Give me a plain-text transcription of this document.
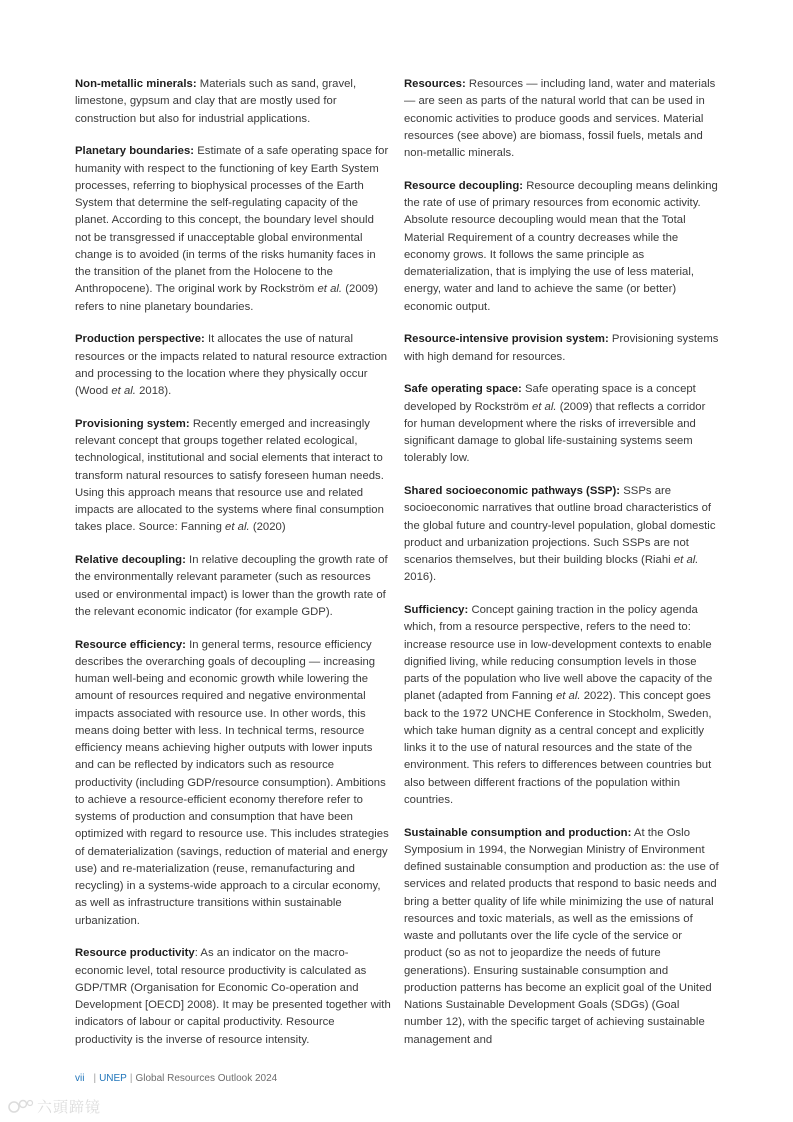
Non-metallic minerals: Materials such as sand, gravel, limestone, gypsum and clay that are mostly used for construction but also for industrial applications.

Planetary boundaries: Estimate of a safe operating space for humanity with respect to the functioning of key Earth System processes, referring to biophysical processes of the Earth System that determine the self-regulating capacity of the planet. According to this concept, the boundary level should not be transgressed if unacceptable global environmental change is to avoided (in terms of the risks humanity faces in the transition of the planet from the Holocene to the Anthropocene). The original work by Rockström et al. (2009) refers to nine planetary boundaries.

Production perspective: It allocates the use of natural resources or the impacts related to natural resource extraction and processing to the location where they physically occur (Wood et al. 2018).

Provisioning system: Recently emerged and increasingly relevant concept that groups together related ecological, technological, institutional and social elements that interact to transform natural resources to satisfy foreseen human needs. Using this approach means that resource use and related impacts are allocated to the systems where final consumption takes place. Source: Fanning et al. (2020)

Relative decoupling: In relative decoupling the growth rate of the environmentally relevant parameter (such as resources used or environmental impact) is lower than the growth rate of the relevant economic indicator (for example GDP).

Resource efficiency: In general terms, resource efficiency describes the overarching goals of decoupling — increasing human well-being and economic growth while lowering the amount of resources required and negative environmental impacts associated with resource use. In other words, this means doing better with less. In technical terms, resource efficiency means achieving higher outputs with lower inputs and can be reflected by indicators such as resource productivity (including GDP/resource consumption). Ambitions to achieve a resource-efficient economy therefore refer to systems of production and consumption that have been optimized with regard to resource use. This includes strategies of dematerialization (savings, reduction of material and energy use) and re-materialization (reuse, remanufacturing and recycling) in a systems-wide approach to a circular economy, as well as infrastructure transitions within sustainable urbanization.

Resource productivity: As an indicator on the macro-economic level, total resource productivity is calculated as GDP/TMR (Organisation for Economic Co-operation and Development [OECD] 2008). It may be presented together with indicators of labour or capital productivity. Resource productivity is the inverse of resource intensity.

Resources: Resources — including land, water and materials — are seen as parts of the natural world that can be used in economic activities to produce goods and services. Material resources (see above) are biomass, fossil fuels, metals and non-metallic minerals.

Resource decoupling: Resource decoupling means delinking the rate of use of primary resources from economic activity. Absolute resource decoupling would mean that the Total Material Requirement of a country decreases while the economy grows. It follows the same principle as dematerialization, that is implying the use of less material, energy, water and land to achieve the same (or better) economic output.

Resource-intensive provision system: Provisioning systems with high demand for resources.

Safe operating space: Safe operating space is a concept developed by Rockström et al. (2009) that reflects a corridor for human development where the risks of irreversible and significant damage to global life-sustaining systems seem tolerably low.

Shared socioeconomic pathways (SSP): SSPs are socioeconomic narratives that outline broad characteristics of the global future and country-level population, global domestic product and urbanization projections. Such SSPs are not scenarios themselves, but their building blocks (Riahi et al. 2016).

Sufficiency: Concept gaining traction in the policy agenda which, from a resource perspective, refers to the need to: increase resource use in low-development contexts to enable dignified living, while reducing consumption levels in those parts of the population who live well above the capacity of the planet (adapted from Fanning et al. 2022). This concept goes back to the 1972 UNCHE Conference in Stockholm, Sweden, which take human dignity as a central concept and explicitly links it to the use of natural resources and the state of the environment. This refers to differences between countries but also between different fractions of the population within countries.

Sustainable consumption and production: At the Oslo Symposium in 1994, the Norwegian Ministry of Environment defined sustainable consumption and production as: the use of services and related products that respond to basic needs and bring a better quality of life while minimizing the use of natural resources and toxic materials, as well as the emissions of waste and pollutants over the life cycle of the service or product (so as not to jeopardize the needs of future generations). Ensuring sustainable consumption and production patterns has become an explicit goal of the United Nations Sustainable Development Goals (SDGs) (Goal number 12), with the specific target of achieving sustainable management and

vii | UNEP | Global Resources Outlook 2024
六頭蹄镜
